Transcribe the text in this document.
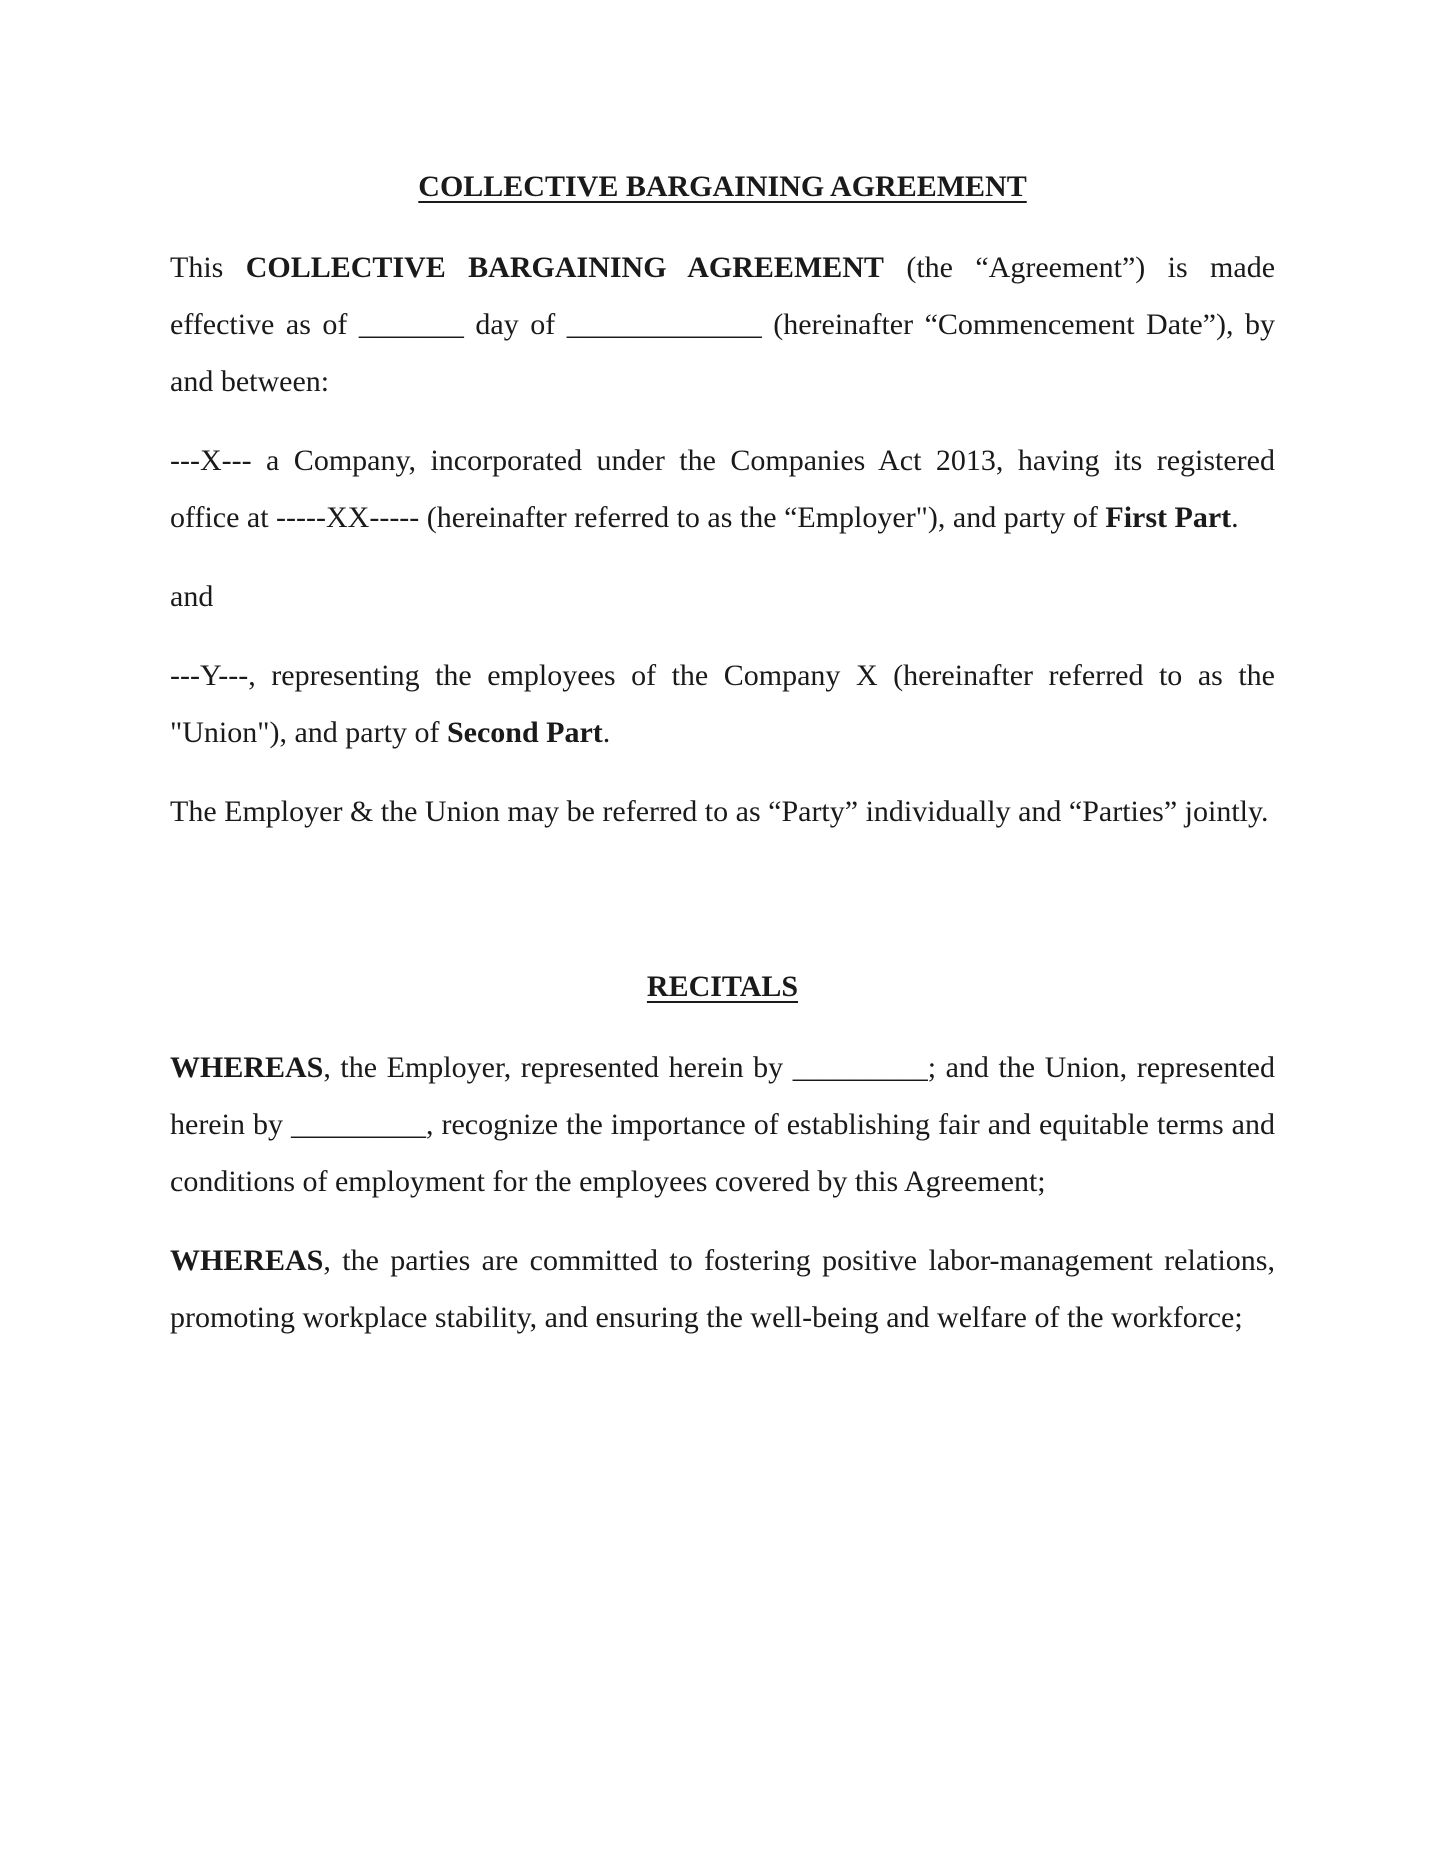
COLLECTIVE BARGAINING AGREEMENT

This COLLECTIVE BARGAINING AGREEMENT (the “Agreement”) is made effective as of _______ day of _____________ (hereinafter “Commencement Date”), by and between:

---X--- a Company, incorporated under the Companies Act 2013, having its registered office at -----XX----- (hereinafter referred to as the “Employer"), and party of First Part.

and

---Y---, representing the employees of the Company X (hereinafter referred to as the "Union"), and party of Second Part.

The Employer & the Union may be referred to as “Party” individually and “Parties” jointly.

RECITALS

WHEREAS, the Employer, represented herein by _________; and the Union, represented herein by _________, recognize the importance of establishing fair and equitable terms and conditions of employment for the employees covered by this Agreement;

WHEREAS, the parties are committed to fostering positive labor-management relations, promoting workplace stability, and ensuring the well-being and welfare of the workforce;
